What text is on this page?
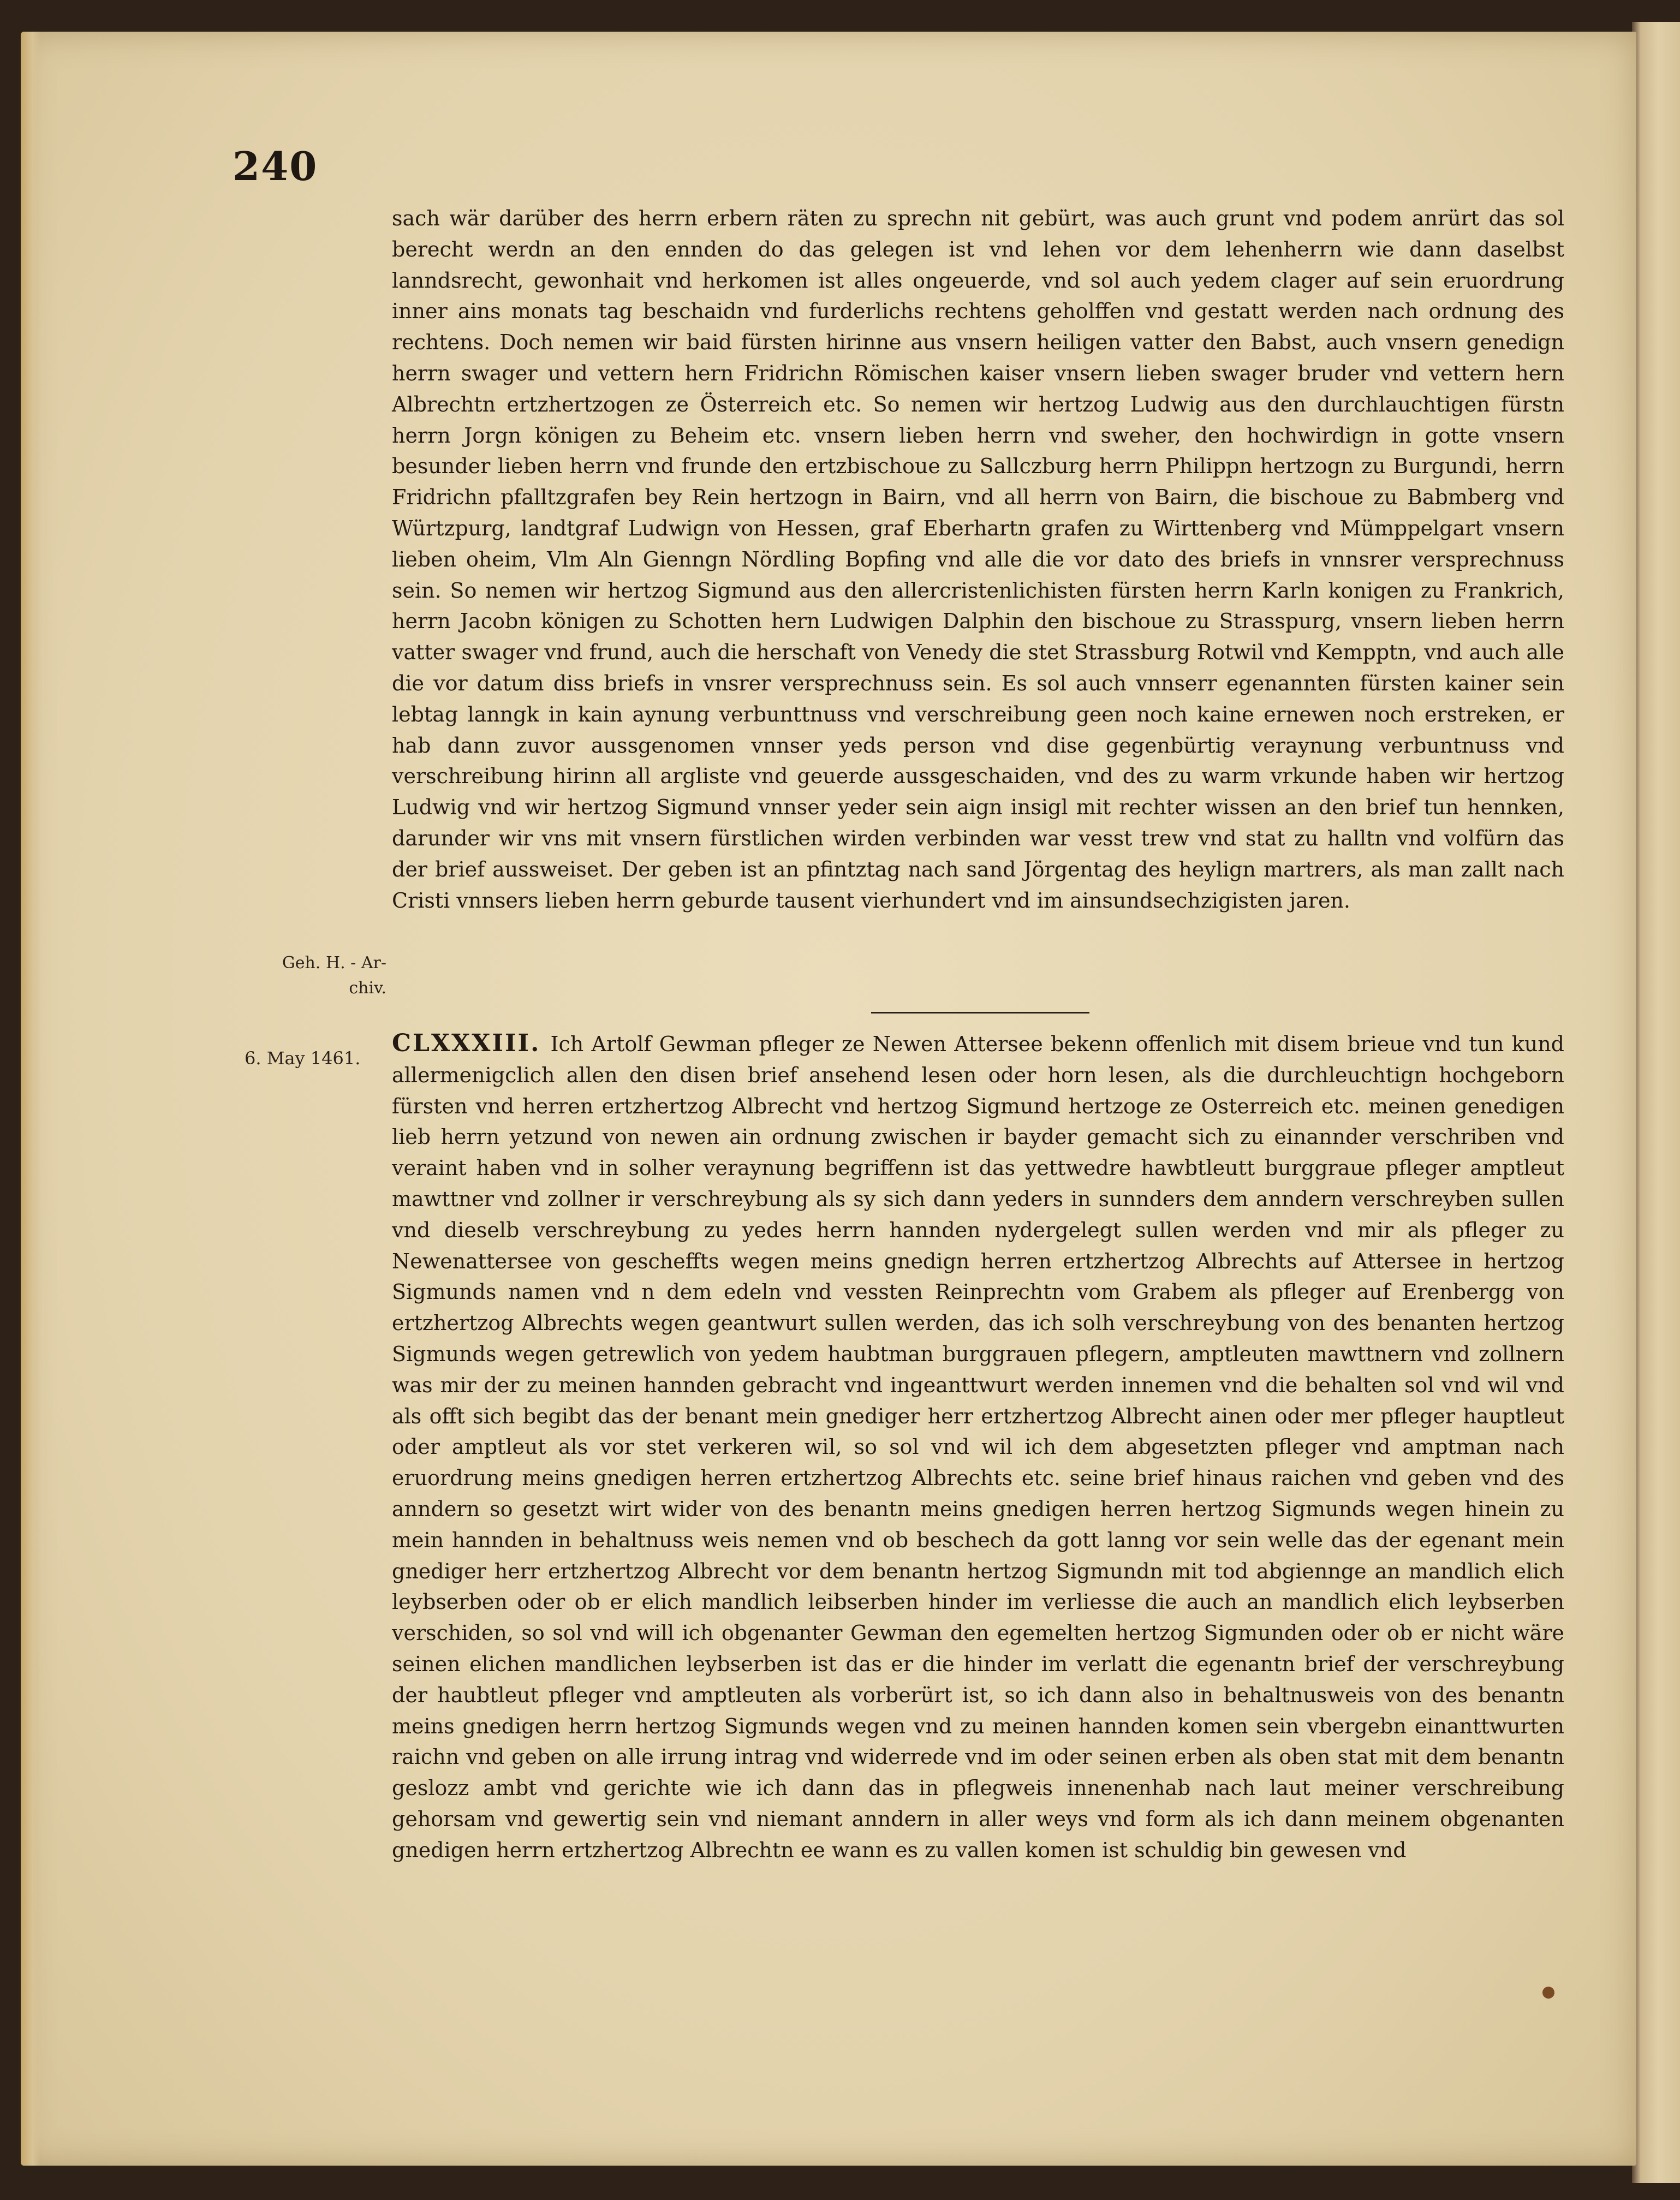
240

sach wär darüber des herrn erbern räten zu sprechn nit gebürt, was auch grunt vnd podem anrürt das sol berecht werdn an den ennden do das gelegen ist vnd lehen vor dem lehenherrn wie dann daselbst lanndsrecht, gewonhait vnd herkomen ist alles ongeuerde, vnd sol auch yedem clager auf sein eruordrung inner ains monats tag beschaidn vnd furderlichs rechtens geholffen vnd gestatt werden nach ordnung des rechtens. Doch nemen wir baid fürsten hirinne aus vnsern heiligen vatter den Babst, auch vnsern genedign herrn swager und vettern hern Fridrichn Römischen kaiser vnsern lieben swager bruder vnd vettern hern Albrechtn ertzhertzogen ze Österreich etc. So nemen wir hertzog Ludwig aus den durchlauchtigen fürstn herrn Jorgn königen zu Beheim etc. vnsern lieben herrn vnd sweher, den hochwirdign in gotte vnsern besunder lieben herrn vnd frunde den ertzbischoue zu Sallczburg herrn Philippn hertzogn zu Burgundi, herrn Fridrichn pfalltzgrafen bey Rein hertzogn in Bairn, vnd all herrn von Bairn, die bischoue zu Babmberg vnd Würtzpurg, landtgraf Ludwign von Hessen, graf Eberhartn grafen zu Wirttenberg vnd Mümppelgart vnsern lieben oheim, Vlm Aln Gienngn Nördling Bopfing vnd alle die vor dato des briefs in vnnsrer versprechnuss sein. So nemen wir hertzog Sigmund aus den allercristenlichisten fürsten herrn Karln konigen zu Frankrich, herrn Jacobn königen zu Schotten hern Ludwigen Dalphin den bischoue zu Strasspurg, vnsern lieben herrn vatter swager vnd frund, auch die herschaft von Venedy die stet Strassburg Rotwil vnd Kempptn, vnd auch alle die vor datum diss briefs in vnsrer versprechnuss sein. Es sol auch vnnserr egenannten fürsten kainer sein lebtag lanngk in kain aynung verbunttnuss vnd verschreibung geen noch kaine ernewen noch erstreken, er hab dann zuvor aussgenomen vnnser yeds person vnd dise gegenbürtig veraynung verbuntnuss vnd verschreibung hirinn all argliste vnd geuerde aussgeschaiden, vnd des zu warm vrkunde haben wir hertzog Ludwig vnd wir hertzog Sigmund vnnser yeder sein aign insigl mit rechter wissen an den brief tun hennken, darunder wir vns mit vnsern fürstlichen wirden verbinden war vesst trew vnd stat zu halltn vnd volfürn das der brief aussweiset. Der geben ist an pfintztag nach sand Jörgentag des heylign martrers, als man zallt nach Cristi vnnsers lieben herrn geburde tausent vierhundert vnd im ainsundsechzigisten jaren.

Geh. H. - Ar-
chiv.
6. May 1461.

CLXXXIII. Ich Artolf Gewman pfleger ze Newen Attersee bekenn offenlich mit disem brieue vnd tun kund allermenigclich allen den disen brief ansehend lesen oder horn lesen, als die durchleuchtign hochgeborn fürsten vnd herren ertzhertzog Albrecht vnd hertzog Sigmund hertzoge ze Osterreich etc. meinen genedigen lieb herrn yetzund von newen ain ordnung zwischen ir bayder gemacht sich zu einannder verschriben vnd veraint haben vnd in solher veraynung begriffenn ist das yettwedre hawbtleutt burggraue pfleger amptleut mawttner vnd zollner ir verschreybung als sy sich dann yeders in sunnders dem anndern verschreyben sullen vnd dieselb verschreybung zu yedes herrn hannden nydergelegt sullen werden vnd mir als pfleger zu Newenattersee von gescheffts wegen meins gnedign herren ertzhertzog Albrechts auf Attersee in hertzog Sigmunds namen vnd n dem edeln vnd vessten Reinprechtn vom Grabem als pfleger auf Erenbergg von ertzhertzog Albrechts wegen geantwurt sullen werden, das ich solh verschreybung von des benanten hertzog Sigmunds wegen getrewlich von yedem haubtman burggrauen pflegern, amptleuten mawttnern vnd zollnern was mir der zu meinen hannden gebracht vnd ingeanttwurt werden innemen vnd die behalten sol vnd wil vnd als offt sich begibt das der benant mein gnediger herr ertzhertzog Albrecht ainen oder mer pfleger hauptleut oder amptleut als vor stet verkeren wil, so sol vnd wil ich dem abgesetzten pfleger vnd amptman nach eruordrung meins gnedigen herren ertzhertzog Albrechts etc. seine brief hinaus raichen vnd geben vnd des anndern so gesetzt wirt wider von des benantn meins gnedigen herren hertzog Sigmunds wegen hinein zu mein hannden in behaltnuss weis nemen vnd ob beschech da gott lanng vor sein welle das der egenant mein gnediger herr ertzhertzog Albrecht vor dem benantn hertzog Sigmundn mit tod abgiennge an mandlich elich leybserben oder ob er elich mandlich leibserben hinder im verliesse die auch an mandlich elich leybserben verschiden, so sol vnd will ich obgenanter Gewman den egemelten hertzog Sigmunden oder ob er nicht wäre seinen elichen mandlichen leybserben ist das er die hinder im verlatt die egenantn brief der verschreybung der haubtleut pfleger vnd amptleuten als vorberürt ist, so ich dann also in behaltnusweis von des benantn meins gnedigen herrn hertzog Sigmunds wegen vnd zu meinen hannden komen sein vbergebn einanttwurten raichn vnd geben on alle irrung intrag vnd widerrede vnd im oder seinen erben als oben stat mit dem benantn geslozz ambt vnd gerichte wie ich dann das in pflegweis innenenhab nach laut meiner verschreibung gehorsam vnd gewertig sein vnd niemant anndern in aller weys vnd form als ich dann meinem obgenanten gnedigen herrn ertzhertzog Albrechtn ee wann es zu vallen komen ist schuldig bin gewesen vnd
